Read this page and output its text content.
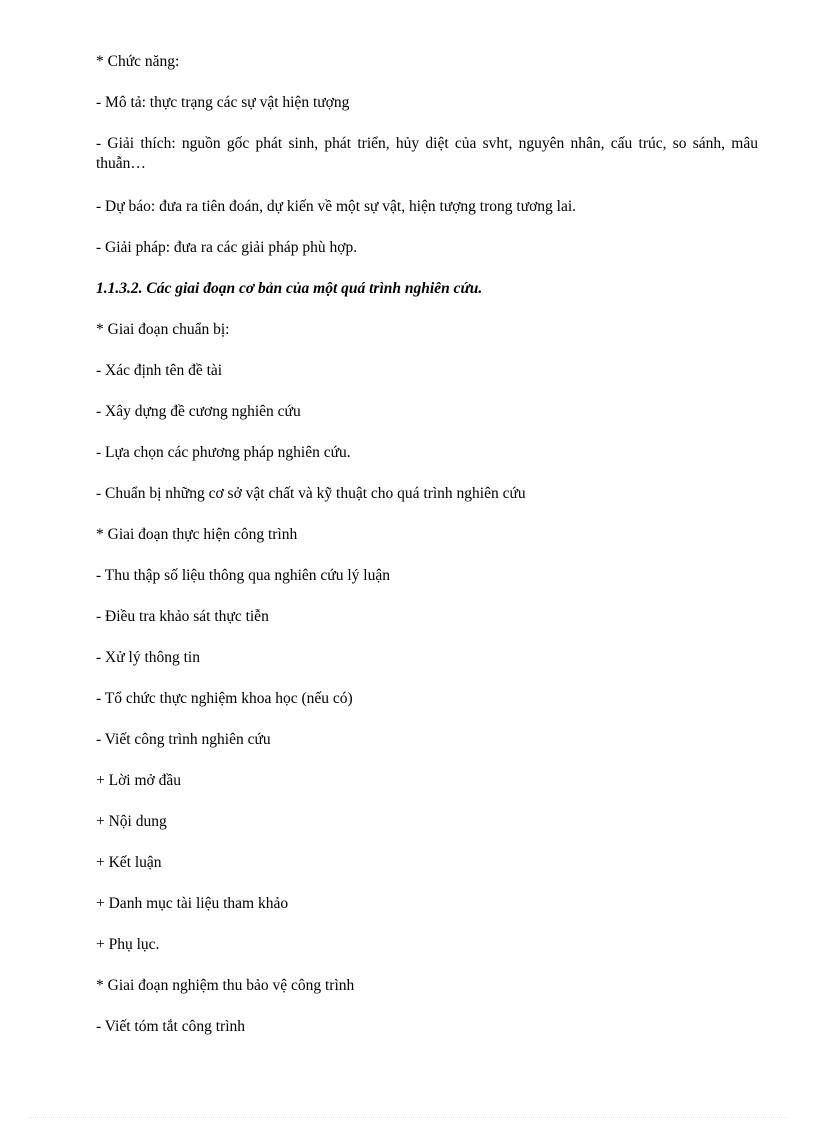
* Chức năng:
- Mô tả: thực trạng các sự vật hiện tượng
- Giải thích: nguồn gốc phát sinh, phát triển, hủy diệt của svht, nguyên nhân, cấu trúc, so sánh, mâu thuẫn…
- Dự báo: đưa ra tiên đoán, dự kiến về một sự vật, hiện tượng trong tương lai.
- Giải pháp: đưa ra các giải pháp phù hợp.
1.1.3.2. Các giai đoạn cơ bản của một quá trình nghiên cứu.
* Giai đoạn chuẩn bị:
- Xác định tên đề tài
- Xây dựng đề cương nghiên cứu
- Lựa chọn các phương pháp nghiên cứu.
- Chuẩn bị những cơ sở vật chất và kỹ thuật cho quá trình nghiên cứu
* Giai đoạn thực hiện công trình
- Thu thập số liệu thông qua nghiên cứu lý luận
- Điều tra khảo sát thực tiễn
- Xử lý thông tin
- Tổ chức thực nghiệm khoa học (nếu có)
- Viết công trình nghiên cứu
+ Lời mở đầu
+ Nội dung
+ Kết luận
+ Danh mục tài liệu tham khảo
+ Phụ lục.
* Giai đoạn nghiệm thu bảo vệ công trình
- Viết tóm tắt công trình
